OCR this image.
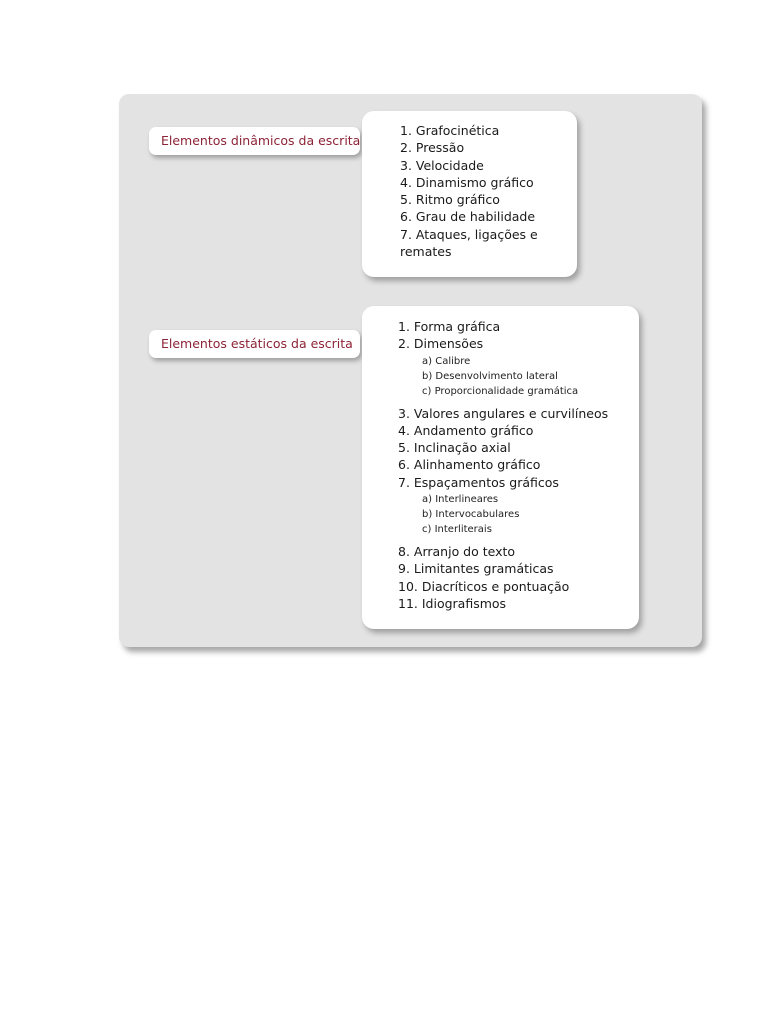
Elementos dinâmicos da escrita
1. Grafocinética
2. Pressão
3. Velocidade
4. Dinamismo gráfico
5. Ritmo gráfico
6. Grau de habilidade
7. Ataques, ligações e remates
Elementos estáticos da escrita
1. Forma gráfica
2. Dimensões
a) Calibre
b) Desenvolvimento lateral
c) Proporcionalidade gramática
3. Valores angulares e curvilíneos
4. Andamento gráfico
5. Inclinação axial
6. Alinhamento gráfico
7. Espaçamentos gráficos
a) Interlineares
b) Intervocabulares
c) Interliterais
8. Arranjo do texto
9. Limitantes gramáticas
10. Diacríticos e pontuação
11. Idiografismos
